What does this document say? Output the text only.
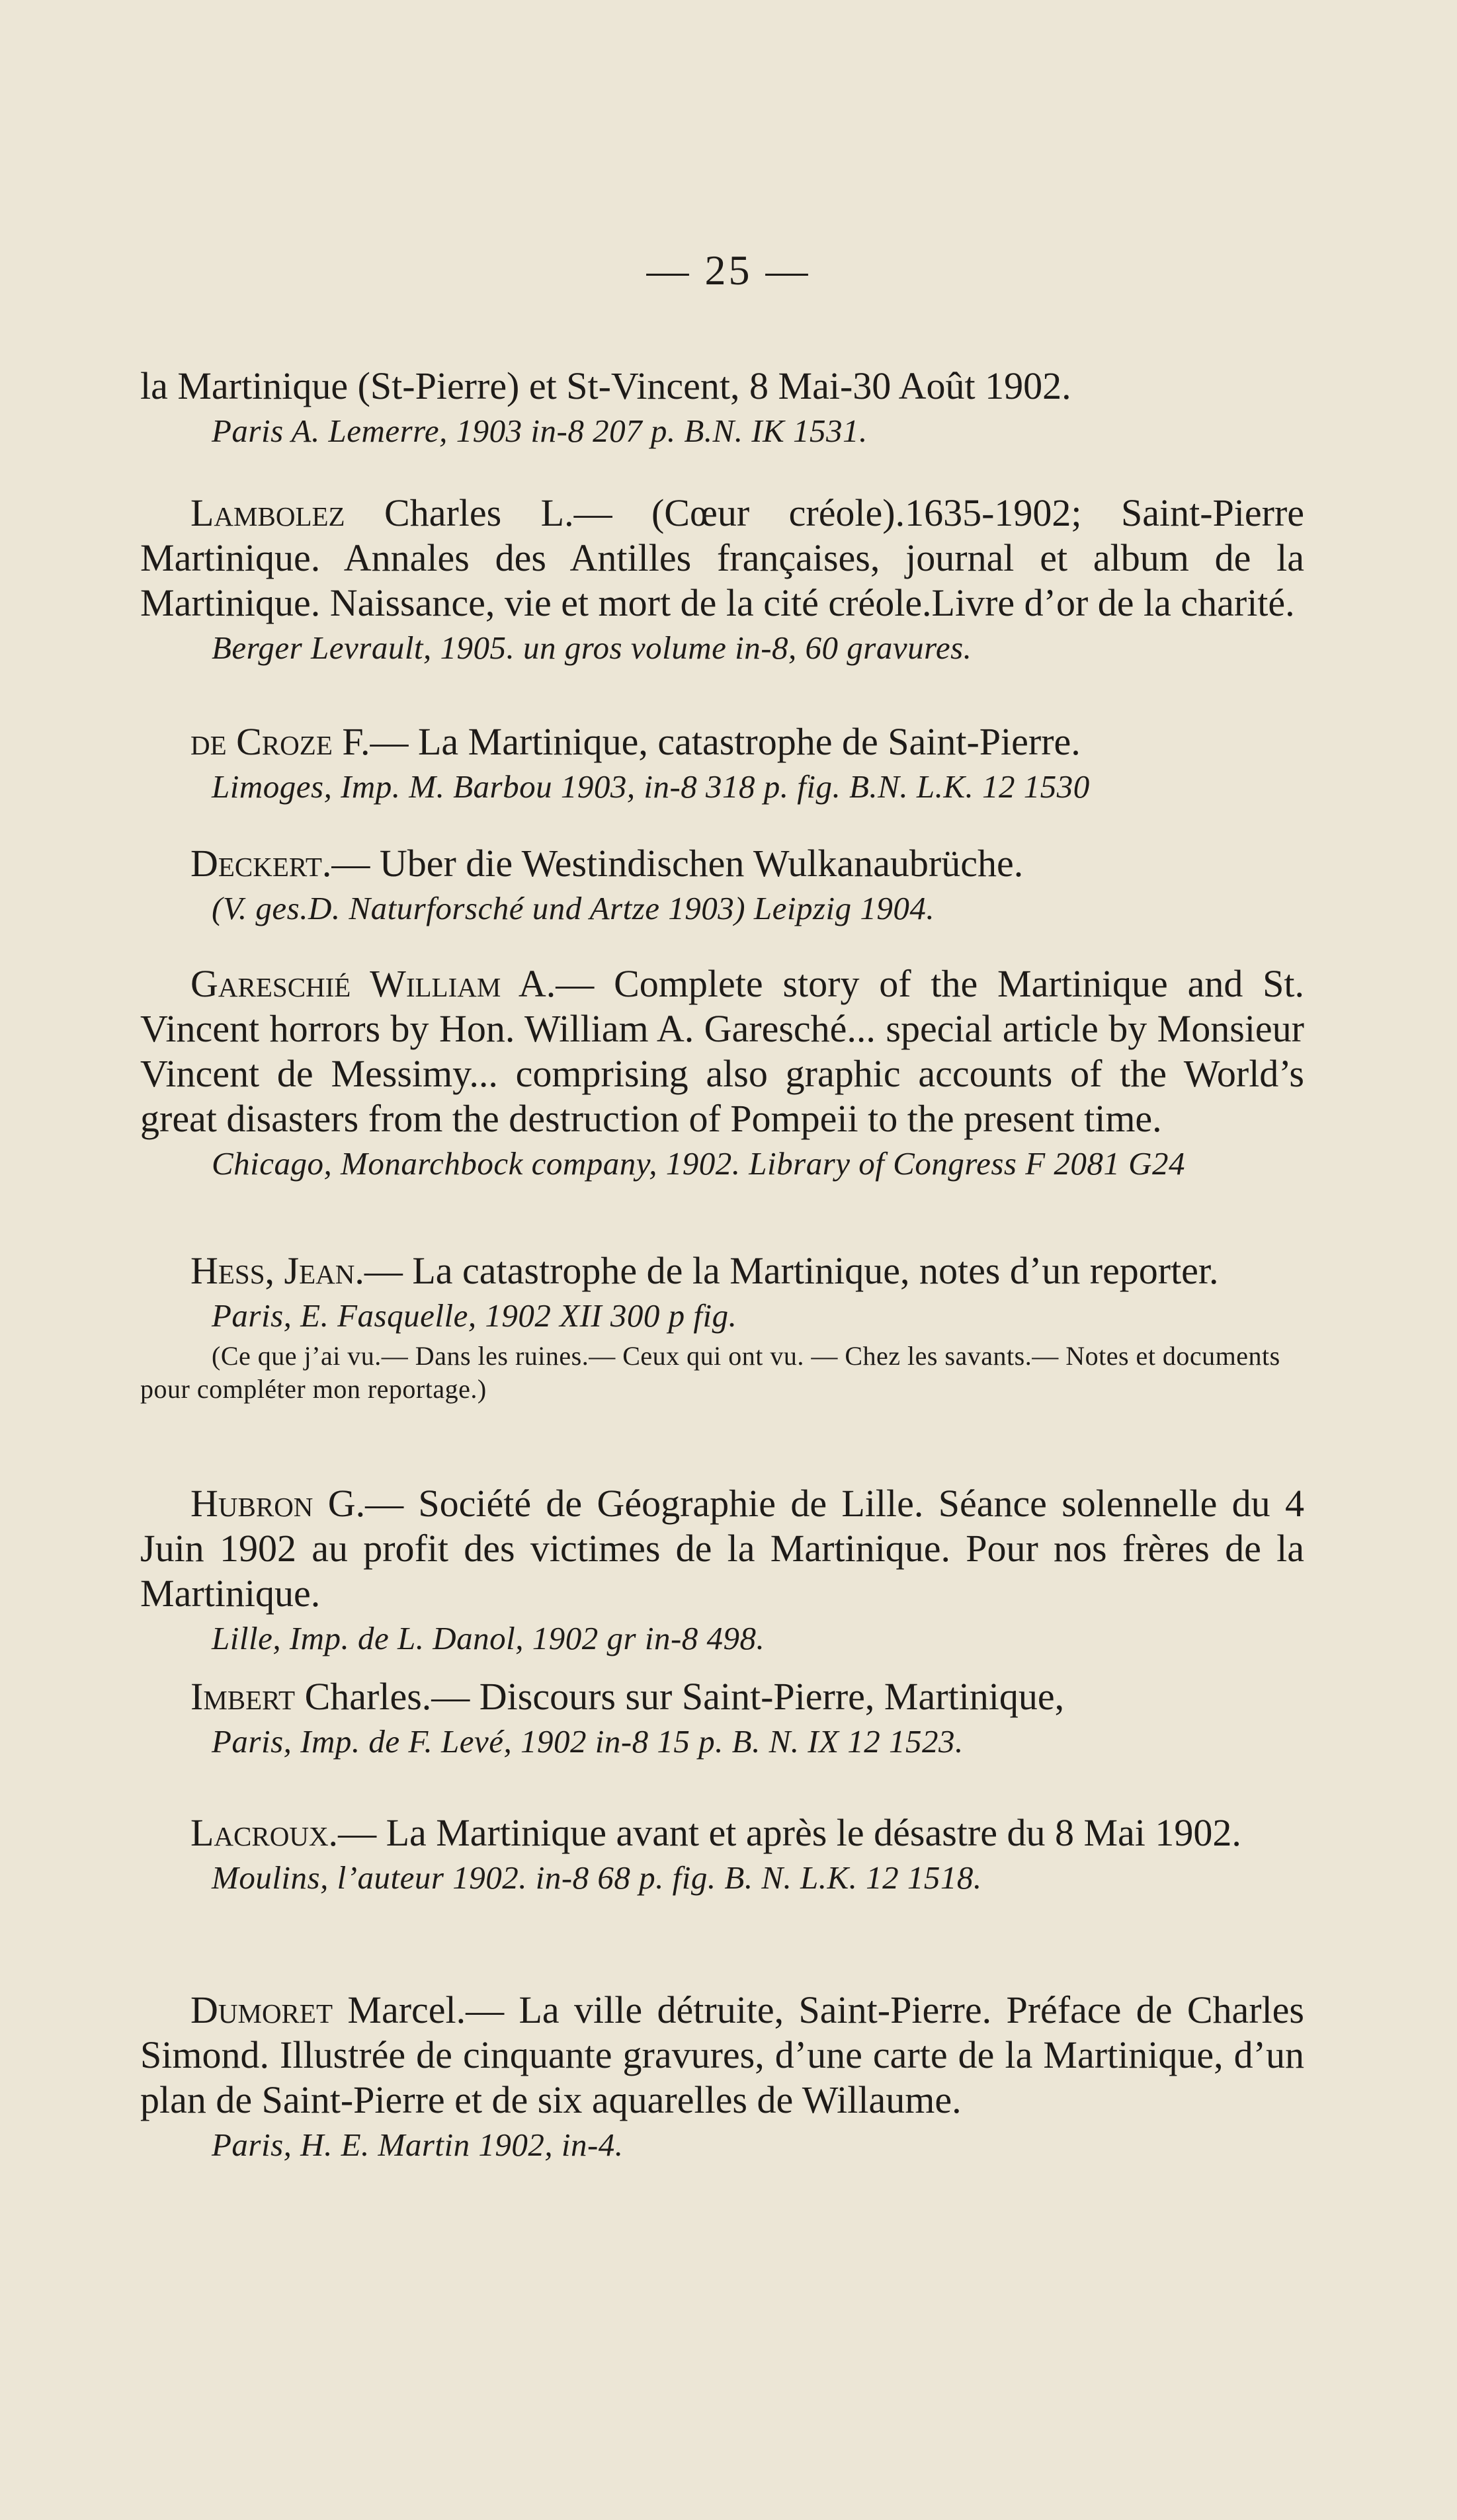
— 25 —

la Martinique (St-Pierre) et St-Vincent, 8 Mai-30 Août 1902.

Paris A. Lemerre, 1903 in-8 207 p. B.N. IK 1531.

Lambolez Charles L.— (Cœur créole).1635-1902; Saint-Pierre Martinique. Annales des Antilles françaises, journal et album de la Martinique. Naissance, vie et mort de la cité créole.Livre d’or de la charité.

Berger Levrault, 1905. un gros volume in-8, 60 gravures.

de Croze F.— La Martinique, catastrophe de Saint-Pierre.

Limoges, Imp. M. Barbou 1903, in-8 318 p. fig. B.N. L.K. 12 1530

Deckert.— Uber die Westindischen Wulkanaubrüche.

(V. ges.D. Naturforsché und Artze 1903) Leipzig 1904.

Gareschié William A.— Complete story of the Martinique and St. Vincent horrors by Hon. William A. Garesché... special article by Monsieur Vincent de Messimy... comprising also graphic accounts of the World’s great disasters from the destruction of Pompeii to the present time.

Chicago, Monarchbock company, 1902. Library of Congress F 2081 G24

Hess, Jean.— La catastrophe de la Martinique, notes d’un reporter.

Paris, E. Fasquelle, 1902 XII 300 p fig.

(Ce que j’ai vu.— Dans les ruines.— Ceux qui ont vu. — Chez les savants.— Notes et documents pour compléter mon reportage.)

Hubron G.— Société de Géographie de Lille. Séance solennelle du 4 Juin 1902 au profit des victimes de la Martinique. Pour nos frères de la Martinique.

Lille, Imp. de L. Danol, 1902 gr in-8 498.

Imbert Charles.— Discours sur Saint-Pierre, Martinique,

Paris, Imp. de F. Levé, 1902 in-8 15 p. B. N. IX 12 1523.

Lacroux.— La Martinique avant et après le désastre du 8 Mai 1902.

Moulins, l’auteur 1902. in-8 68 p. fig. B. N. L.K. 12 1518.

Dumoret Marcel.— La ville détruite, Saint-Pierre. Préface de Charles Simond. Illustrée de cinquante gravures, d’une carte de la Martinique, d’un plan de Saint-Pierre et de six aquarelles de Willaume.

Paris, H. E. Martin 1902, in-4.
